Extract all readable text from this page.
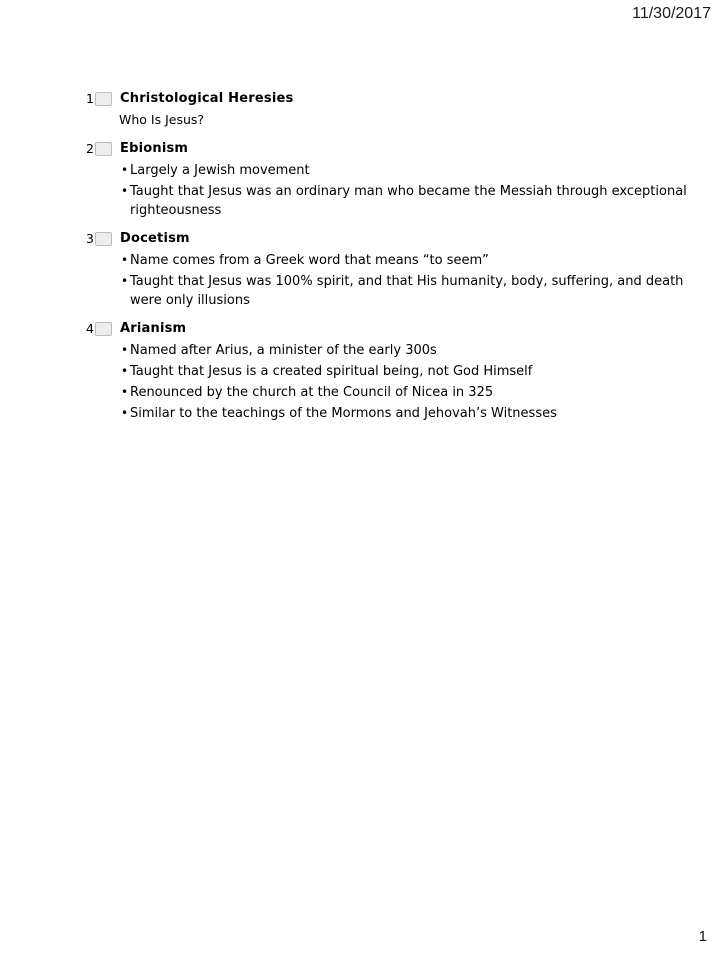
11/30/2017
1 Christological Heresies

Who Is Jesus?

2 Ebionism

• Largely a Jewish movement

• Taught that Jesus was an ordinary man who became the Messiah through exceptional righteousness

3 Docetism

• Name comes from a Greek word that means “to seem”

• Taught that Jesus was 100% spirit, and that His humanity, body, suffering, and death were only illusions

4 Arianism

• Named after Arius, a minister of the early 300s

• Taught that Jesus is a created spiritual being, not God Himself

• Renounced by the church at the Council of Nicea in 325

• Similar to the teachings of the Mormons and Jehovah’s Witnesses

1
